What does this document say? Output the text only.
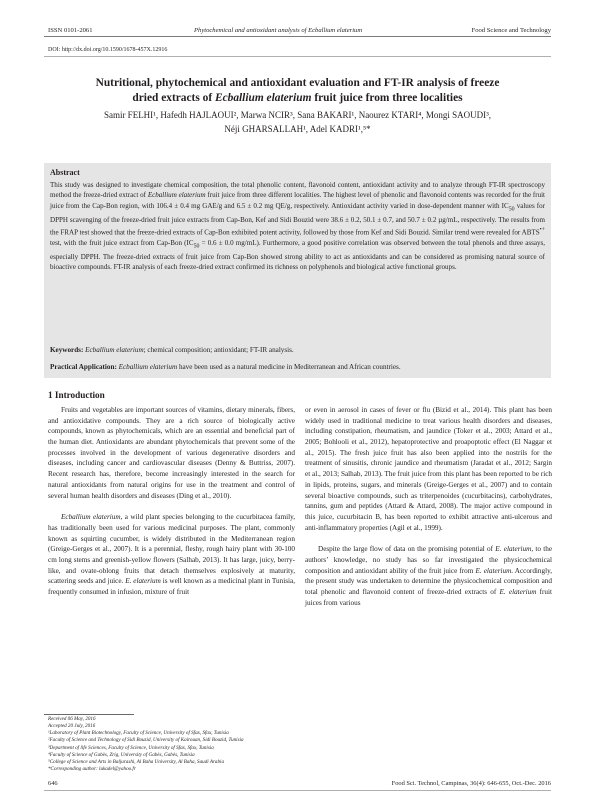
ISSN 0101-2061	Phytochemical and antioxidant analysis of Ecballium elaterium	Food Science and Technology
DOI: http://dx.doi.org/10.1590/1678-457X.12916
Nutritional, phytochemical and antioxidant evaluation and FT-IR analysis of freeze
dried extracts of Ecballium elaterium fruit juice from three localities
Samir FELHI¹, Hafedh HAJLAOUI², Marwa NCIR³, Sana BAKARI¹, Naourez KTARI⁴, Mongi SAOUDI³,
Néji GHARSALLAH¹, Adel KADRI¹,⁵*
Abstract

This study was designed to investigate chemical composition, the total phenolic content, flavonoid content, antioxidant activity and to analyze through FT-IR spectroscopy method the freeze-dried extract of Ecballium elaterium fruit juice from three different localities. The highest level of phenolic and flavonoid contents was recorded for the fruit juice from the Cap-Bon region, with 106.4 ± 0.4 mg GAE/g and 6.5 ± 0.2 mg QE/g, respectively. Antioxidant activity varied in dose-dependent manner with $IC_{50}$ values for DPPH scavenging of the freeze-dried fruit juice extracts from Cap-Bon, Kef and Sidi Bouzid were 38.6 ± 0.2, 50.1 ± 0.7, and 50.7 ± 0.2 µg/mL, respectively. The results from the FRAP test showed that the freeze-dried extracts of Cap-Bon exhibited potent activity, followed by those from Kef and Sidi Bouzid. Similar trend were revealed for ABTS•+ test, with the fruit juice extract from Cap-Bon ($IC_{50} = 0.6 \pm 0.0$ mg/mL). Furthermore, a good positive correlation was observed between the total phenols and three assays, especially DPPH. The freeze-dried extracts of fruit juice from Cap-Bon showed strong ability to act as antioxidants and can be considered as promising natural source of bioactive compounds. FT-IR analysis of each freeze-dried extract confirmed its richness on polyphenols and biological active functional groups.

Keywords: Ecballium elaterium; chemical composition; antioxidant; FT-IR analysis.
Practical Application: Ecballium elaterium have been used as a natural medicine in Mediterranean and African countries.
1 Introduction

Fruits and vegetables are important sources of vitamins, dietary minerals, fibers, and antioxidative compounds. They are a rich source of biologically active compounds, known as phytochemicals, which are an essential and beneficial part of the human diet. Antioxidants are abundant phytochemicals that prevent some of the processes involved in the development of various degenerative disorders and diseases, including cancer and cardiovascular diseases (Denny & Buttriss, 2007). Recent research has, therefore, become increasingly interested in the search for natural antioxidants from natural origins for use in the treatment and control of several human health disorders and diseases (Ding et al., 2010).

Ecballium elaterium, a wild plant species belonging to the cucurbitacea family, has traditionally been used for various medicinal purposes. The plant, commonly known as squirting cucumber, is widely distributed in the Mediterranean region (Greige-Gerges et al., 2007). It is a perennial, fleshy, rough hairy plant with 30-100 cm long stems and greenish-yellow flowers (Salhab, 2013). It has large, juicy, berry-like, and ovate-oblong fruits that detach themselves explosively at maturity, scattering seeds and juice. E. elaterium is well known as a medicinal plant in Tunisia, frequently consumed in infusion, mixture of fruit

or even in aerosol in cases of fever or flu (Bizid et al., 2014). This plant has been widely used in traditional medicine to treat various health disorders and diseases, including constipation, rheumatism, and jaundice (Toker et al., 2003; Attard et al., 2005; Bohlooli et al., 2012), hepatoprotective and proapoptotic effect (El Naggar et al., 2015). The fresh juice fruit has also been applied into the nostrils for the treatment of sinusitis, chronic jaundice and rheumatism (Jaradat et al., 2012; Sargin et al., 2013; Salhab, 2013). The fruit juice from this plant has been reported to be rich in lipids, proteins, sugars, and minerals (Greige-Gerges et al., 2007) and to contain several bioactive compounds, such as triterpenoides (cucurbitacins), carbohydrates, tannins, gum and peptides (Attard & Attard, 2008). The major active compound in this juice, cucurbitacin B, has been reported to exhibit attractive anti-ulcerous and anti-inflammatory properties (Agil et al., 1999).

Despite the large flow of data on the promising potential of E. elaterium, to the authors’ knowledge, no study has so far investigated the physicochemical composition and antioxidant ability of the fruit juice from E. elaterium. Accordingly, the present study was undertaken to determine the physicochemical composition and total phenolic and flavonoid content of freeze-dried extracts of E. elaterium fruit juices from various

Received 06 May, 2016
Accepted 20 July, 2016
¹Laboratory of Plant Biotechnology, Faculty of Science, University of Sfax, Sfax, Tunisia
²Faculty of Science and Technology of Sidi Bouzid, University of Kairouan, Sidi Bouzid, Tunisia
³Department of life Sciences, Faculty of Science, University of Sfax, Sfax, Tunisia
⁴Faculty of Science of Gabès, Zrig, University of Gabès, Gabès, Tunisia
⁵College of Science and Arts in Baljurashi, Al Baha University, Al Baha, Saudi Arabia
*Corresponding author: lukadel@yahoo.fr
646	Food Sci. Technol, Campinas, 36(4): 646-655, Oct.-Dec. 2016
